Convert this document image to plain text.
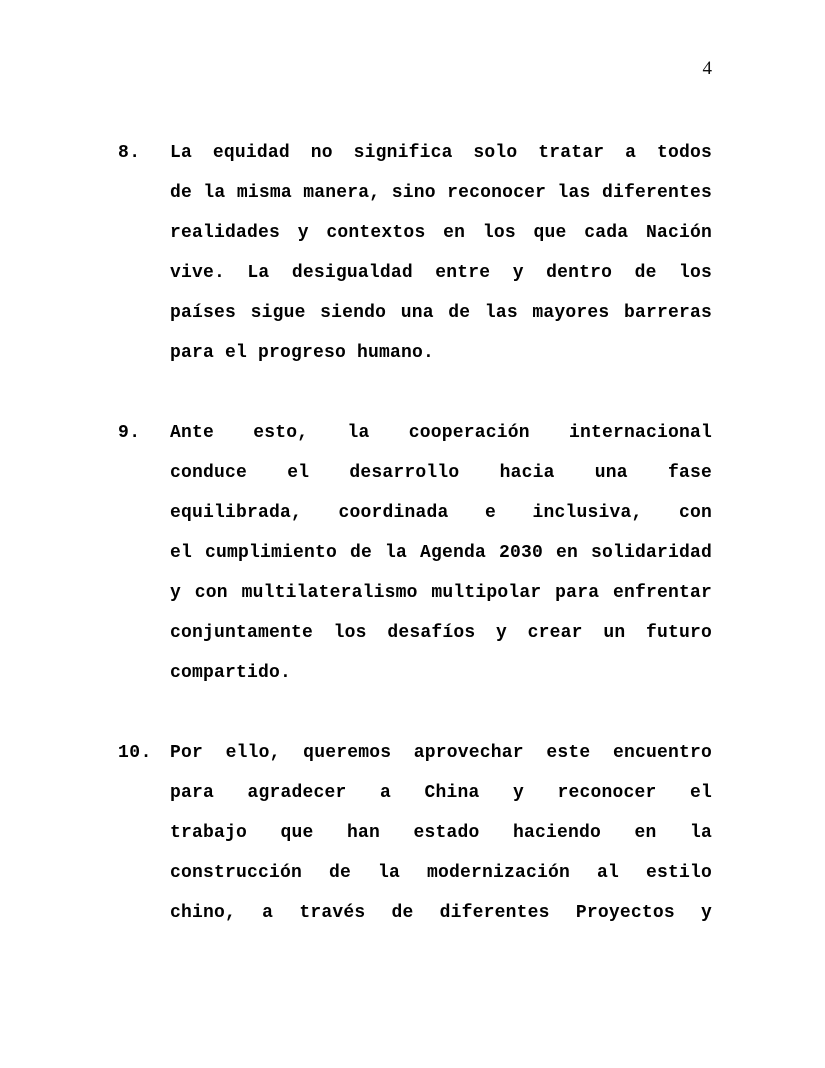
4
8.	La equidad no significa solo tratar a todos
de la misma manera, sino reconocer las diferentes
realidades y contextos en los que cada Nación
vive. La desigualdad entre y dentro de los
países sigue siendo una de las mayores barreras
para el progreso humano.
9.	Ante esto, la cooperación internacional
conduce el desarrollo hacia una fase
equilibrada, coordinada e inclusiva, con
el cumplimiento de la Agenda 2030 en solidaridad
y con multilateralismo multipolar para enfrentar
conjuntamente los desafíos y crear un futuro
compartido.
10.	Por ello, queremos aprovechar este encuentro
para agradecer a China y reconocer el
trabajo que han estado haciendo en la
construcción de la modernización al estilo
chino, a través de diferentes Proyectos y
